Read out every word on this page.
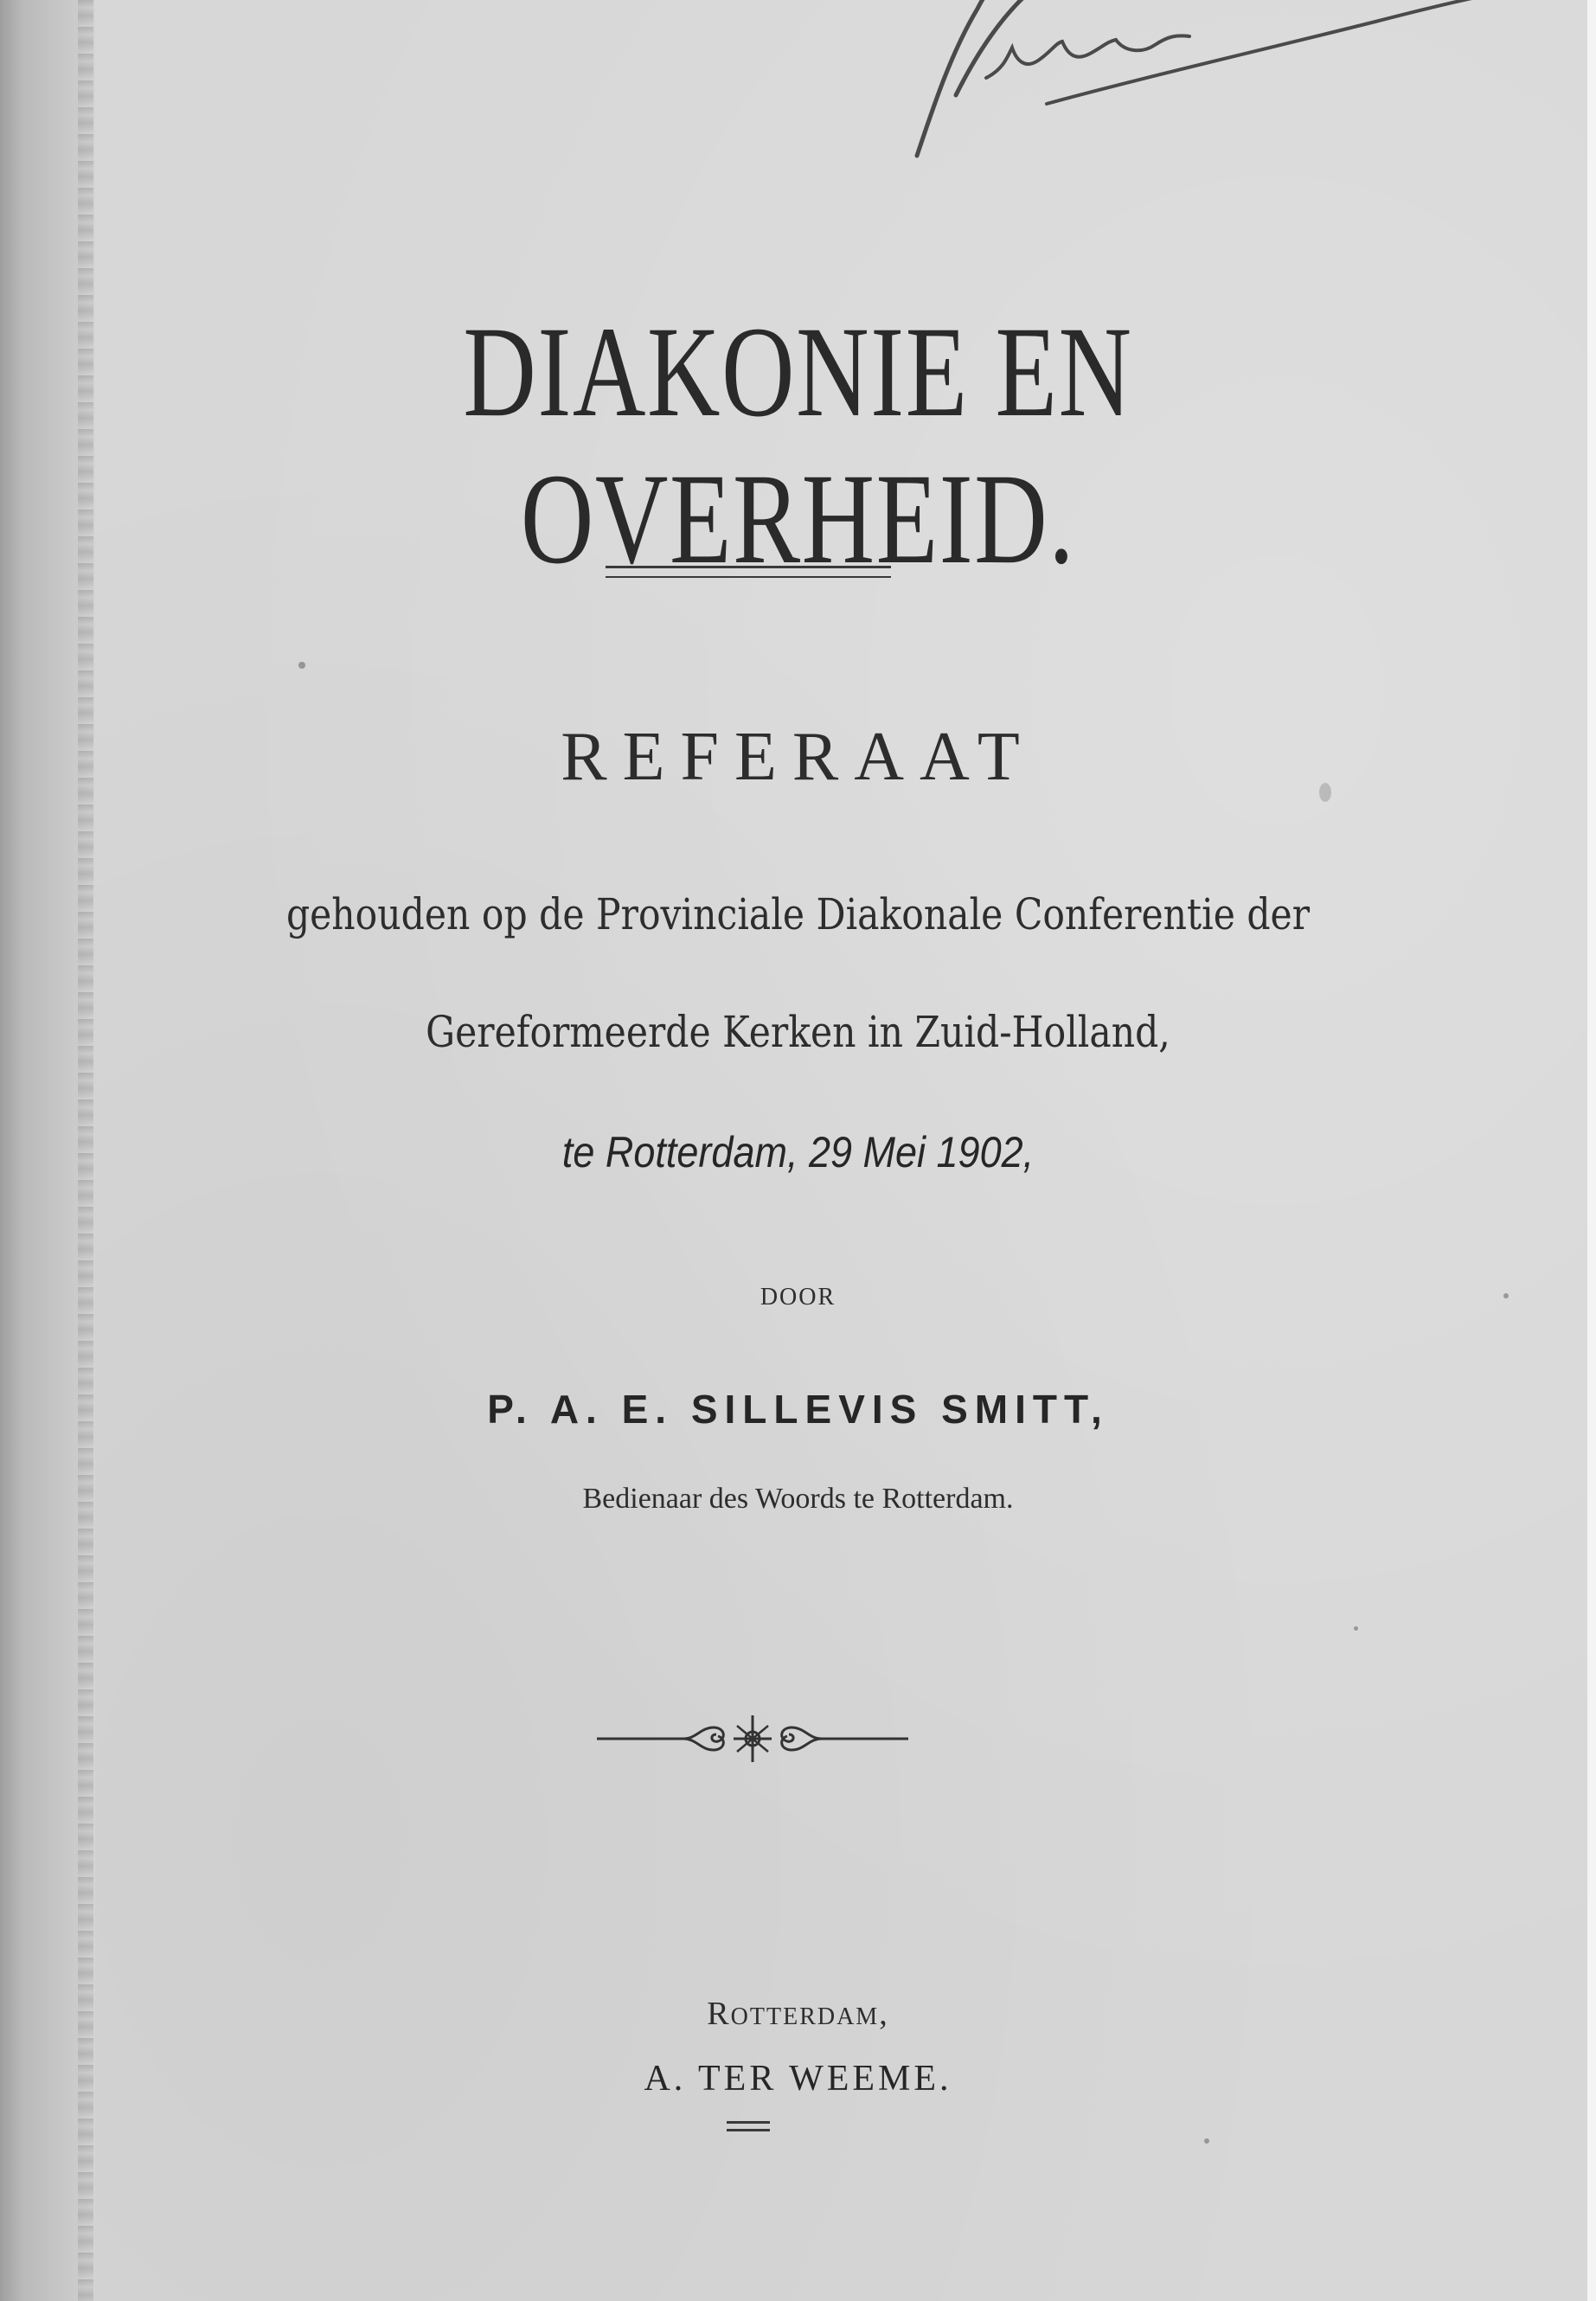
DIAKONIE EN OVERHEID.
REFERAAT
gehouden op de Provinciale Diakonale Conferentie der
Gereformeerde Kerken in Zuid-Holland,
te Rotterdam, 29 Mei 1902,
DOOR
P. A. E. SILLEVIS SMITT,
Bedienaar des Woords te Rotterdam.
ROTTERDAM,
A. TER WEEME.
